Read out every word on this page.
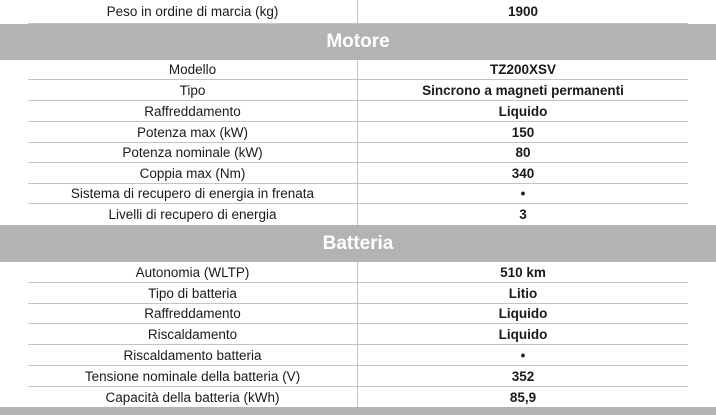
Peso in ordine di marcia (kg)	1900
Motore
Modello	TZ200XSV
Tipo	Sincrono a magneti permanenti
Raffreddamento	Liquido
Potenza max (kW)	150
Potenza nominale (kW)	80
Coppia max (Nm)	340
Sistema di recupero di energia in frenata	•
Livelli di recupero di energia	3
Batteria
Autonomia (WLTP)	510 km
Tipo di batteria	Litio
Raffreddamento	Liquido
Riscaldamento	Liquido
Riscaldamento batteria	•
Tensione nominale della batteria (V)	352
Capacità della batteria (kWh)	85,9
